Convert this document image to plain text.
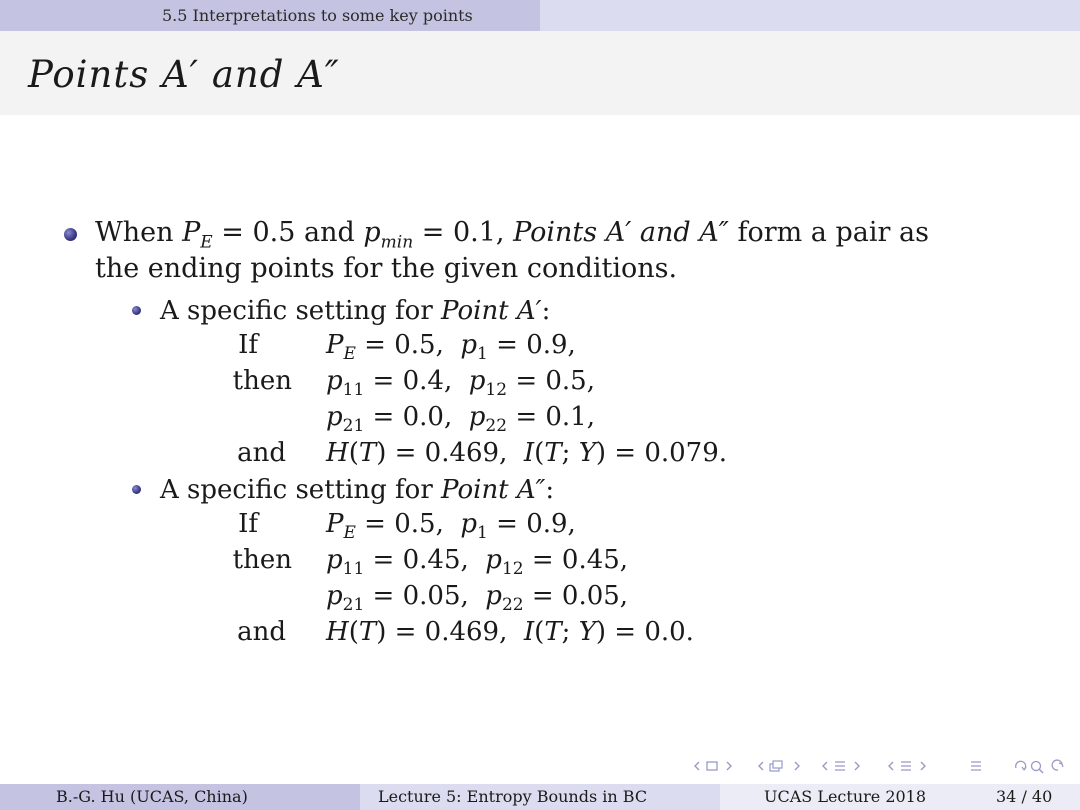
5.5 Interpretations to some key points
Points A′ and A″
When $P_E = 0.5$ and $p_{min} = 0.1$, Points A′ and A″ form a pair as
the ending points for the given conditions.
A specific setting for Point A′:
If	$P_E = 0.5$,  $p_1 = 0.9$,
then $p_{11} = 0.4$,  $p_{12} = 0.5$,
$p_{21} = 0.0$,  $p_{22} = 0.1$,
and H(T) = 0.469,  I(T; Y) = 0.079.
A specific setting for Point A″:
If	$P_E = 0.5$,  $p_1 = 0.9$,
then $p_{11} = 0.45$,  $p_{12} = 0.45$,
$p_{21} = 0.05$,  $p_{22} = 0.05$,
and H(T) = 0.469,  I(T; Y) = 0.0.
B.-G. Hu (UCAS, China)	Lecture 5: Entropy Bounds in BC	UCAS Lecture 2018	34 / 40
